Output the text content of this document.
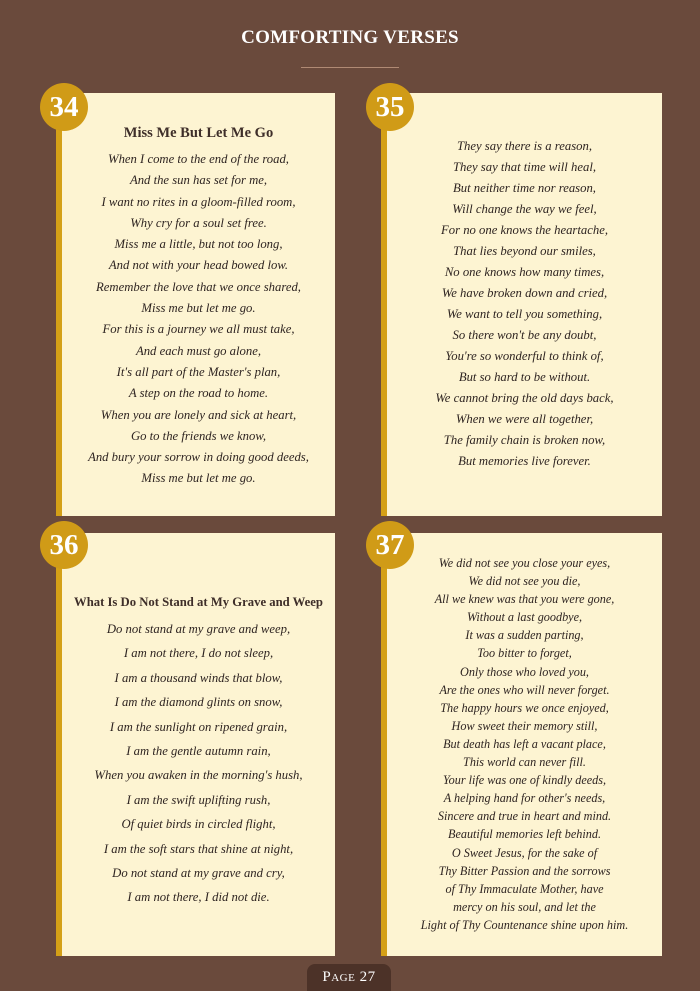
COMFORTING VERSES
Miss Me But Let Me Go
When I come to the end of the road,
And the sun has set for me,
I want no rites in a gloom-filled room,
Why cry for a soul set free.
Miss me a little, but not too long,
And not with your head bowed low.
Remember the love that we once shared,
Miss me but let me go.
For this is a journey we all must take,
And each must go alone,
It's all part of the Master's plan,
A step on the road to home.
When you are lonely and sick at heart,
Go to the friends we know,
And bury your sorrow in doing good deeds,
Miss me but let me go.
34
They say there is a reason,
They say that time will heal,
But neither time nor reason,
Will change the way we feel,
For no one knows the heartache,
That lies beyond our smiles,
No one knows how many times,
We have broken down and cried,
We want to tell you something,
So there won't be any doubt,
You're so wonderful to think of,
But so hard to be without.
We cannot bring the old days back,
When we were all together,
The family chain is broken now,
But memories live forever.
35
What Is Do Not Stand at My Grave and Weep
Do not stand at my grave and weep,
I am not there, I do not sleep,
I am a thousand winds that blow,
I am the diamond glints on snow,
I am the sunlight on ripened grain,
I am the gentle autumn rain,
When you awaken in the morning's hush,
I am the swift uplifting rush,
Of quiet birds in circled flight,
I am the soft stars that shine at night,
Do not stand at my grave and cry,
I am not there, I did not die.
36
We did not see you close your eyes,
We did not see you die,
All we knew was that you were gone,
Without a last goodbye,
It was a sudden parting,
Too bitter to forget,
Only those who loved you,
Are the ones who will never forget.
The happy hours we once enjoyed,
How sweet their memory still,
But death has left a vacant place,
This world can never fill.
Your life was one of kindly deeds,
A helping hand for other's needs,
Sincere and true in heart and mind.
Beautiful memories left behind.
O Sweet Jesus, for the sake of
Thy Bitter Passion and the sorrows
of Thy Immaculate Mother, have
mercy on his soul, and let the
Light of Thy Countenance shine upon him.
37
Page 27
